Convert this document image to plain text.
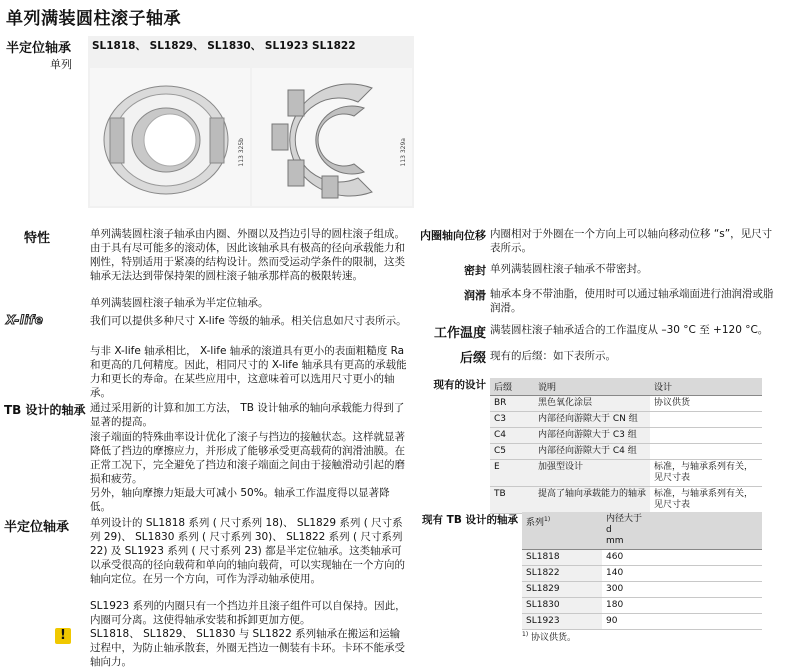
单列满装圆柱滚子轴承
半定位轴承
单列
SL1818、 SL1829、 SL1830、 SL1923 SL1822
113 325b	113 329a
特性	单列满装圆柱滚子轴承由内圈、外圈以及挡边引导的圆柱滚子组成。由于具有尽可能多的滚动体，因此该轴承具有极高的径向承载能力和刚性，特别适用于紧凑的结构设计。然而受运动学条件的限制，这类轴承无法达到带保持架的圆柱滚子轴承那样高的极限转速。
单列满装圆柱滚子轴承为半定位轴承。
X-life	我们可以提供多种尺寸 X-life 等级的轴承。相关信息如尺寸表所示。
与非 X-life 轴承相比， X-life 轴承的滚道具有更小的表面粗糙度 Ra 和更高的几何精度。因此，相同尺寸的 X-life 轴承具有更高的承载能力和更长的寿命。在某些应用中，这意味着可以选用尺寸更小的轴承。
TB 设计的轴承 通过采用新的计算和加工方法， TB 设计轴承的轴向承载能力得到了显著的提高。
滚子端面的特殊曲率设计优化了滚子与挡边的接触状态。这样就显著降低了挡边的摩擦应力，并形成了能够承受更高载荷的润滑油膜。在正常工况下，完全避免了挡边和滚子端面之间由于接触滑动引起的磨损和疲劳。
另外，轴向摩擦力矩最大可减小 50%。轴承工作温度得以显著降低。
半定位轴承 单列设计的 SL1818 系列 ( 尺寸系列 18)、 SL1829 系列 ( 尺寸系列 29)、 SL1830 系列 ( 尺寸系列 30)、 SL1822 系列 ( 尺寸系列 22) 及 SL1923 系列 ( 尺寸系列 23) 都是半定位轴承。这类轴承可以承受很高的径向载荷和单向的轴向载荷，可以实现轴在一个方向的轴向定位。在另一个方向，可作为浮动轴承使用。
SL1923 系列的内圈只有一个挡边并且滚子组件可以自保持。因此，内圈可分离。这使得轴承安装和拆卸更加方便。
!	SL1818、 SL1829、 SL1830 与 SL1822 系列轴承在搬运和运输过程中，为防止轴承散套，外圈无挡边一侧装有卡环。卡环不能承受轴向力。
内圈轴向位移 内圈相对于外圈在一个方向上可以轴向移动位移 “s”，见尺寸表所示。
密封 单列满装圆柱滚子轴承不带密封。
润滑 轴承本身不带油脂，使用时可以通过轴承端面进行油润滑或脂润滑。
工作温度 满装圆柱滚子轴承适合的工作温度从 –30 °C 至 +120 °C。
后缀 现有的后缀：如下表所示。
现有的设计 后缀	说明	设计
BR	黑色氧化涂层	协议供货
C3	内部径向游隙大于 CN 组	
C4	内部径向游隙大于 C3 组	
C5	内部径向游隙大于 C4 组	
E	加强型设计	标准，与轴承系列有关，见尺寸表
TB	提高了轴向承载能力的轴承	标准，与轴承系列有关，见尺寸表
现有 TB 设计的轴承 系列$^{1)}$	内径大于
d
mm

SL1818	460
SL1822	140
SL1829	300
SL1830	180
SL1923	90
$^{1)}$ 协议供货。
